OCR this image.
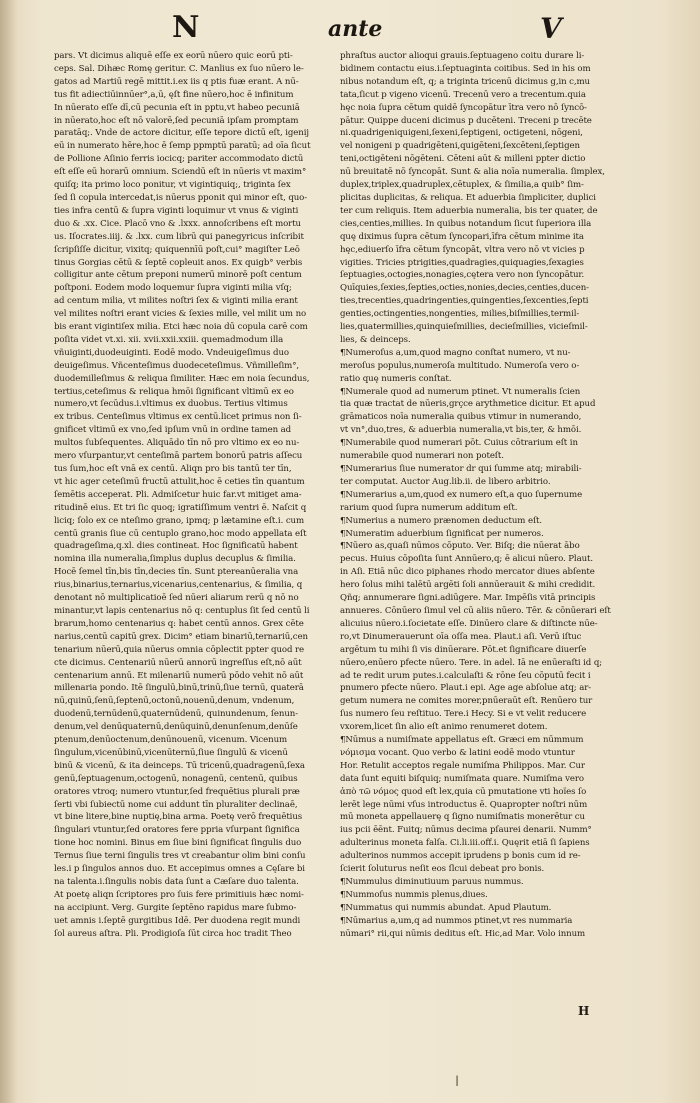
N	ante	V
pars. Vt dicimus aliquē eſſe ex eorū nūero quic eorū pti-
ceps. Sal. Dihæc Romę geritur. C. Manlius ex ſuo nūero le-
gatos ad Martiū regē mittit.i.ex iis q ptis fuæ erant. A nū-
tus fit adiectiūinnūer°,a,ū, ęſt fine nūero,hoc ē infinitum
In nūerato eſſe dī,cū pecunia eſt in pptu,vt habeo pecuniā
in nūerato,hoc eſt nō valorē,ſed pecuniā ipſam promptam
paratāq;. Vnde de actore dicitur, eſſe tepore dictū eſt, igenij
eū in numerato hēre,hoc ē ſemp ppmptū paratū; ad oīa ſicut
de Pollione Aſinio ferris iocicq; pariter accommodato dictū
eſt eſſe eū horarū omnium. Sciendū eſt in nūeris vt maxim°
quiſq; ita primo loco ponitur, vt vigintiquiq;, triginta ſex
ſed ſi copula intercedat,is nūerus pponit qui minor eſt, quo-
ties infra centū & ſupra viginti loquimur vt vnus & viginti
duo & .xx. Cice. Placō vno & .lxxx. annoſcribens eſt mortu
us. Iſocrates.iiij. & .lxx. cum librū qui panegyricus inſcribit
ſcripſiſſe dicitur, vixitq; quiquennīū poſt,cui° magiſter Leō
tinus Gorgias cētū & ſeptē copleuit anos. Ex quigb° verbis
colligitur ante cētum preponi numerū minorē poſt centum
poſtponi. Eodem modo loquemur ſupra viginti milia vſq;
ad centum milia, vt milites noſtri ſex & viginti milia erant
vel milites noſtri erant vicies & ſexies mille, vel milit um no
bis erant vigintiſex milia. Etci hæc noia dū copula carē com
poſita videt vt.xi. xii. xvii.xxii.xxiii. quemadmodum illa
vñuiginti,duodeuiginti. Eodē modo. Vndeuigeſimus duo
deuigeſimus. Vñcenteſimus duodeceteſimus. Vñmilleſim°,
duodemilleſimus & reliqua ſimiliter. Hæc em noia ſecundus,
tertius,ceteſimus & reliqua hmōi ſignificant vltimū ex eo
numero,vt ſecūdus.i.vltimus ex duobus. Tertius vltimus
ex tribus. Centeſimus vltimus ex centū.licet primus non ſi-
gnificet vltimū ex vno,ſed ipſum vnū in ordine tamen ad
multos ſubſequentes. Aliquādo tīn nō pro vltimo ex eo nu-
mero vſurpantur,vt centeſimā partem bonorū patris aſſecu
tus ſum,hoc eſt vnā ex centū. Aliqn pro bis tantū ter tīn,
vt hic ager ceteſimū fructū attulit,hoc ē ceties tīn quantum
ſemētis acceperat. Pli. Admiſcetur huic far.vt mitiget ama-
ritudinē eius. Et tri ſic quoq; igratiſſimum ventri ē. Naſcit q
liciq; ſolo ex ce nteſimo grano, ipmq; p lætamine eſt.i. cum
centū granis ſiue cū centuplo grano,hoc modo appellata eſt
quadrageſima,q.xl. dies contineat. Hoc ſignificatū habent
nomina illa numeralia,ſimplus duplus decuplus & ſimilia.
Hocē ſemel tīn,bis tīn,decies tīn. Sunt ptereanūeralia vna
rius,binarius,ternarius,vicenarius,centenarius, & ſimilia, q
denotant nō multiplicatioē ſed nūeri aliarum rerū q nō no
minantur,vt lapis centenarius nō q: centuplus ſit ſed centū li
brarum,homo centenarius q: habet centū annos. Grex cēte
narius,centū capitū grex. Dicim° etiam binariū,ternariū,cen
tenarium nūerū,quia nūerus omnia cōplectit ppter quod re
cte dicimus. Centenariū nūerū annorū ingreſſus eſt,nō aūt
centenarium annū. Et milenariū numerū pōdo vehit nō aūt
millenaria pondo. Itē ſingulū,binū,trinū,ſiue ternū, quaterā
nū,quinū,ſenū,ſeptenū,octonū,nouenū,denum, vndenum,
duodenū,ternūdenū,quaternūdenū, quinundenum, ſenun-
denum,vel denūquaternū,denūquinū,denunſenum,denūſe
ptenum,denūoctenum,denūnouenū, vicenum. Vicenum
ſingulum,vicenūbinū,vicenūternū,ſiue ſingulū & vicenū
binū & vicenū, & ita deinceps. Tū tricenū,quadragenū,ſexa
genū,ſeptuagenum,octogenū, nonagenū, centenū, quibus
oratores vtroq; numero vtuntur,ſed frequētius plurali præ
ſerti vbi ſubiectū nome cui addunt tīn pluraliter declinaē,
vt bine litere,bine nuptię,bina arma. Poetę verō frequētius
ſingulari vtuntur,ſed oratores fere ppria vſurpant ſignifica
tione hoc nomini. Binus em ſiue bini ſignificat ſingulis duo
Ternus ſiue terni ſingulis tres vt creabantur olim bini conſu
les.i p ſingulos annos duo. Et accepimus omnes a Cęſare bi
na talenta.i.ſingulis nobis data ſunt a Cæſare duo talenta.
At poetę aliqn ſcriptores pro ſuis fere primitiuis hæc nomi-
na accipiunt. Verg. Gurgite ſeptēno rapidus mare ſubmo-
uet amnis i.ſeptē gurgitibus Idē. Per duodena regit mundi
ſol aureus aſtra. Pli. Prodigioſa ſūt circa hoc tradit Theo
phraſtus auctor alioqui grauis.ſeptuageno coitu durare li-
bidinem contactu eius.i.ſeptuaginta coitibus. Sed in his om
nibus notandum eſt, q; a triginta tricenū dicimus g,in c,mu
tata,ſicut p vigeno vicenū. Trecenū vero a trecentum.quia
hęc noia ſupra cētum quidē ſyncopātur ītra vero nō ſyncō-
pātur. Quippe duceni dicimus p ducēteni. Treceni p trecēte
ni.quadrigeniquigeni,ſexeni,ſeptigeni, octigeteni, nōgeni,
vel nonigeni p quadrigēteni,quigēteni,ſexcēteni,ſeptigen
teni,octigēteni nōgēteni. Cēteni aūt & milleni ppter dictio
nū breuitatē nō ſyncopāt. Sunt & alia noīa numeralia. ſimplex,
duplex,triplex,quadruplex,cētuplex, & ſimilia,a quib° ſim-
plicitas duplicitas, & reliqua. Et aduerbia ſimpliciter, duplici
ter cum reliquis. Item aduerbia numeralia, bis ter quater, de
cies,centies,millies. In quibus notandum ſicut ſuperiora illa
quę diximus ſupra cētum ſyncopari,īfra cētum minime ita
hęc,ediuerſo īfra cētum ſyncopāt, vltra vero nō vt vicies p
vigities. Tricies ptrigities,quadragies,quiquagies,ſexagies
ſeptuagies,octogies,nonagies,cętera vero non ſyncopātur.
Quīquies,ſexies,ſepties,octies,nonies,decies,centies,ducen-
ties,trecenties,quadringenties,quingenties,ſexcenties,ſepti
genties,octingenties,nongenties, milies,biſmillies,termil-
lies,quatermillies,quinquieſmillies, decieſmillies, vicieſmil-
lies, & deinceps.
¶Numeroſus a,um,quod magno conſtat numero, vt nu-
meroſus populus,numeroſa multitudo. Numeroſa vero o-
ratio quę numeris conſtat.
¶Numerale quod ad numerum ptinet. Vt numeralis ſcien
tia quæ tractat de nūeris,grçce arythmetice dicitur. Et apud
grāmaticos noīa numeralia quibus vtimur in numerando,
vt vn°,duo,tres, & aduerbia numeralia,vt bis,ter, & hmōi.
¶Numerabile quod numerari pōt. Cuius cōtrarium eſt in
numerabile quod numerari non poteſt.
¶Numerarius ſiue numerator dr qui ſumme atq; mirabili-
ter computat. Auctor Aug.lib.ii. de libero arbitrio.
¶Numerarius a,um,quod ex numero eſt,a quo ſupernume
rarium quod ſupra numerum additum eſt.
¶Numerius a numero prænomen deductum eſt.
¶Numeratim aduerbium ſignificat per numeros.
¶Nūero as,quaſi nūmos cōputo. Ver. Biſq; die nūerat ābo
pecus. Huius cōpoſita ſunt Annūero,q; ē alicui nūero. Plaut.
in Aſi. Etiā nūc dico piphanes rhodo mercator diues abſente
hero ſolus mihi talētū argēti ſoli annūerauit & mihi credidit.
Qñq; annumerare ſigni.adiūgere. Mar. Impēſis vitā principis
annueres. Cōnūero ſimul vel cū aliis nūero. Tēr. & cōnūerari eſt
alicuius nūero.i.ſocietate eſſe. Dinūero clare & diſtincte nūe-
ro,vt Dinumerauerunt oīa oſſa mea. Plaut.i aſi. Verū iſtuc
argētum tu mihi ſi vis dinūerare. Pōt.et ſignificare diuerſe
nūero,enūero pfecte nūero. Tere. in adel. Iā ne enūeraſti id q;
ad te redit urum putes.i.calculaſti & rōne ſeu cōputū fecit i
pnumero pfecte nūero. Plaut.i epi. Age age abſolue atq; ar-
getum numera ne comites morer,pnūeraūt eſt. Renūero tur
ſus numero ſeu reſtituo. Tere.i Hecy. Si e vt velit reducere
vxorem,licet ſin alio eſt animo renumeret dotem.
¶Nūmus a numiſmate appellatus eſt. Græci em nūmmum
νόμισμα vocant. Quo verbo & latini eodē modo vtuntur
Hor. Retulit acceptos regale numiſma Philippos. Mar. Cur
data ſunt equiti biſquiq; numiſmata quare. Numiſma vero
ἀπὸ τῶ νόμος quod eſt lex,quia cū pmutatione vti hoïes ſo
lerēt lege nūmi vſus introductus ē. Quapropter noſtri nūm
mū moneta appellauerę q ſigno numiſmatis monerētur cu
ius pcii ēēnt. Fuitq; nūmus decima pſaurei denarii. Numm°
adulterinus moneta falſa. Ci.li.iii.off.i. Quęrit etiā ſi ſapiens
adulterinos nummos accepit iprudens p bonis cum id re-
ſcierit ſoluturus neſit eos ſlcui debeat pro bonis.
¶Nummulus diminutiuum paruus nummus.
¶Nummoſus nummis plenus,diues.
¶Nummatus qui nummis abundat. Apud Plautum.
¶Nūmarius a,um,q ad nummos ptinet,vt res nummaria
nūmari° rii,qui nūmis deditus eſt. Hic,ad Mar. Volo innum
H
ǀ
